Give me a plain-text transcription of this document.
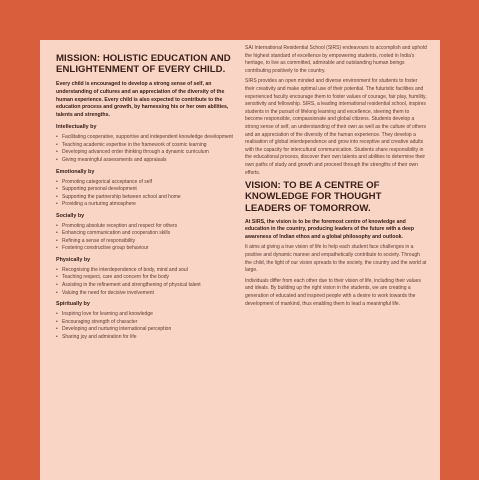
MISSION: HOLISTIC EDUCATION AND ENLIGHTENMENT OF EVERY CHILD.

Every child is encouraged to develop a strong sense of self, an understanding of cultures and an appreciation of the diversity of the human experience. Every child is also expected to contribute to the education process and growth, by harnessing his or her own abilities, talents and strengths.

Intellectually by
• Facilitating cooperative, supportive and independent knowledge development
• Teaching academic expertise in the framework of cosmic learning
• Developing advanced order thinking through a dynamic curriculum
• Giving meaningful assessments and appraisals
Emotionally by
• Promoting categorical acceptance of self
• Supporting personal development
• Supporting the partnership between school and home
• Providing a nurturing atmosphere
Socially by
• Promoting absolute reception and respect for others
• Enhancing communication and cooperation skills
• Refining a sense of responsibility
• Fostering constructive group behaviour
Physically by
• Recognising the interdependence of body, mind and soul
• Teaching respect, care and concern for the body
• Assisting in the refinement and strengthening of physical talent
• Valuing the need for decisive involvement
Spiritually by
• Inspiring love for learning and knowledge
• Encouraging strength of character
• Developing and nurturing international perception
• Sharing joy and admiration for life

SAI International Residential School (SIRS) endeavours to accomplish and uphold the highest standard of excellence by empowering students, rooted in India's heritage, to live as committed, admirable and outstanding human beings contributing positively to the country.

SIRS provides an open minded and diverse environment for students to foster their creativity and make optimal use of their potential. The futuristic facilities and experienced faculty encourage them to foster values of courage, fair play, humility, sensitivity and fellowship. SIRS, a leading international residential school, inspires students in the pursuit of lifelong learning and excellence, steering them to become responsible, compassionate and global citizens. Students develop a strong sense of self, an understanding of their own as well as the culture of others and an appreciation of the diversity of the human experience. They develop a realisation of global interdependence and grow into receptive and creative adults with the capacity for intercultural communication. Students share responsibility in the educational process, discover their own talents and abilities to determine their own paths of study and growth and proceed through the strengths of their own efforts.

VISION: TO BE A CENTRE OF KNOWLEDGE FOR THOUGHT LEADERS OF TOMORROW.

At SIRS, the vision is to be the foremost centre of knowledge and education in the country, producing leaders of the future with a deep awareness of Indian ethos and a global philosophy and outlook.

It aims at giving a true vision of life to help each student face challenges in a positive and dynamic manner and empathetically contribute to society. Through the child, the light of our vision spreads to the society, the country and the world at large.

Individuals differ from each other due to their vision of life, including their values and ideals. By building up the right vision in the students, we are creating a generation of educated and inspired people with a desire to work towards the development of mankind, thus enabling them to lead a meaningful life.
